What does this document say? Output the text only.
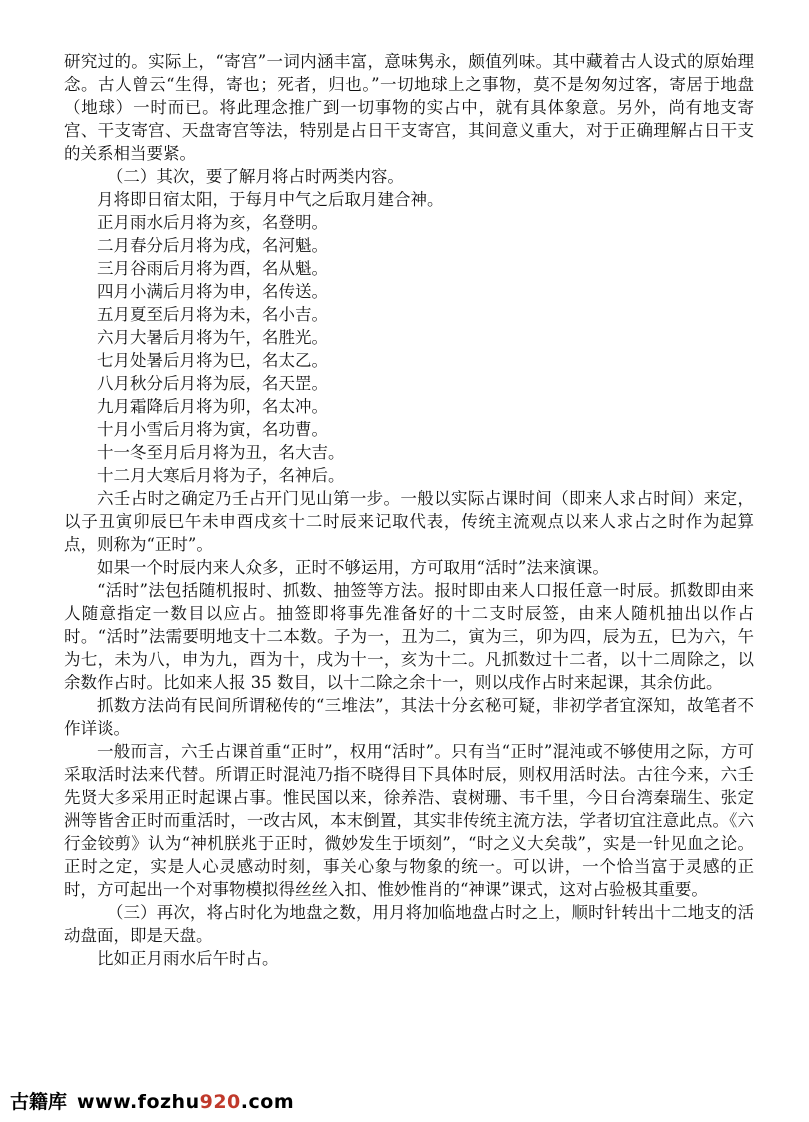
研究过的。实际上，“寄宫”一词内涵丰富，意味隽永，颇值列味。其中藏着古人设式的原始理念。古人曾云“生得，寄也；死者，归也。”一切地球上之事物，莫不是匆匆过客，寄居于地盘（地球）一时而已。将此理念推广到一切事物的实占中，就有具体象意。另外，尚有地支寄宫、干支寄宫、天盘寄宫等法，特别是占日干支寄宫，其间意义重大，对于正确理解占日干支的关系相当要紧。

（二）其次，要了解月将占时两类内容。

月将即日宿太阳，于每月中气之后取月建合神。

正月雨水后月将为亥，名登明。

二月春分后月将为戌，名河魁。

三月谷雨后月将为酉，名从魁。

四月小满后月将为申，名传送。

五月夏至后月将为未，名小吉。

六月大暑后月将为午，名胜光。

七月处暑后月将为巳，名太乙。

八月秋分后月将为辰，名天罡。

九月霜降后月将为卯，名太冲。

十月小雪后月将为寅，名功曹。

十一冬至月后月将为丑，名大吉。

十二月大寒后月将为子，名神后。

六壬占时之确定乃壬占开门见山第一步。一般以实际占课时间（即来人求占时间）来定，以子丑寅卯辰巳午未申酉戌亥十二时辰来记取代表，传统主流观点以来人求占之时作为起算点，则称为“正时”。

如果一个时辰内来人众多，正时不够运用，方可取用“活时”法来演课。

“活时”法包括随机报时、抓数、抽签等方法。报时即由来人口报任意一时辰。抓数即由来人随意指定一数目以应占。抽签即将事先准备好的十二支时辰签，由来人随机抽出以作占时。“活时”法需要明地支十二本数。子为一，丑为二，寅为三，卯为四，辰为五，巳为六，午为七，未为八，申为九，酉为十，戌为十一，亥为十二。凡抓数过十二者，以十二周除之，以余数作占时。比如来人报 35 数目，以十二除之余十一，则以戌作占时来起课，其余仿此。

抓数方法尚有民间所谓秘传的“三堆法”，其法十分玄秘可疑，非初学者宜深知，故笔者不作详谈。

一般而言，六壬占课首重“正时”，权用“活时”。只有当“正时”混沌或不够使用之际，方可采取活时法来代替。所谓正时混沌乃指不晓得目下具体时辰，则权用活时法。古往今来，六壬先贤大多采用正时起课占事。惟民国以来，徐养浩、袁树珊、韦千里，今日台湾秦瑞生、张定洲等皆舍正时而重活时，一改古风，本末倒置，其实非传统主流方法，学者切宜注意此点。《六行金铰剪》认为“神机朕兆于正时，微妙发生于顷刻”，“时之义大矣哉”，实是一针见血之论。正时之定，实是人心灵感动时刻，事关心象与物象的统一。可以讲，一个恰当富于灵感的正时，方可起出一个对事物模拟得丝丝入扣、惟妙惟肖的“神课”课式，这对占验极其重要。

（三）再次，将占时化为地盘之数，用月将加临地盘占时之上，顺时针转出十二地支的活动盘面，即是天盘。

比如正月雨水后午时占。

古籍库 www.fozhu920.com
